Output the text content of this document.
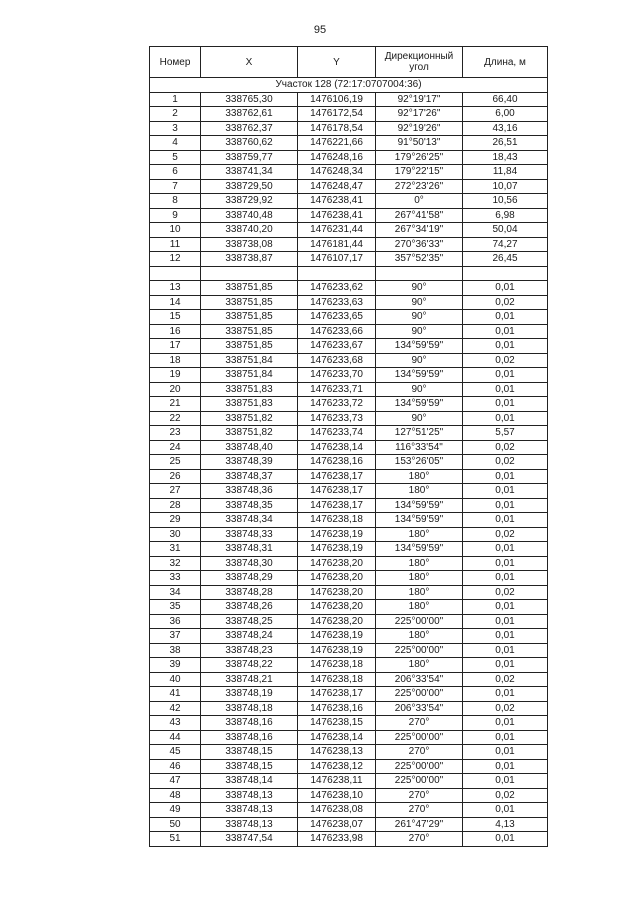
95
Номер	X	Y	Дирекционный угол	Длина, м
Участок 128 (72:17:0707004:36)				
1	338765,30	1476106,19	92°19'17"	66,40
2	338762,61	1476172,54	92°17'26"	6,00
3	338762,37	1476178,54	92°19'26"	43,16
4	338760,62	1476221,66	91°50'13"	26,51
5	338759,77	1476248,16	179°26'25"	18,43
6	338741,34	1476248,34	179°22'15"	11,84
7	338729,50	1476248,47	272°23'26"	10,07
8	338729,92	1476238,41	0°	10,56
9	338740,48	1476238,41	267°41'58"	6,98
10	338740,20	1476231,44	267°34'19"	50,04
11	338738,08	1476181,44	270°36'33"	74,27
12	338738,87	1476107,17	357°52'35"	26,45

13	338751,85	1476233,62	90°	0,01
14	338751,85	1476233,63	90°	0,02
15	338751,85	1476233,65	90°	0,01
16	338751,85	1476233,66	90°	0,01
17	338751,85	1476233,67	134°59'59"	0,01
18	338751,84	1476233,68	90°	0,02
19	338751,84	1476233,70	134°59'59"	0,01
20	338751,83	1476233,71	90°	0,01
21	338751,83	1476233,72	134°59'59"	0,01
22	338751,82	1476233,73	90°	0,01
23	338751,82	1476233,74	127°51'25"	5,57
24	338748,40	1476238,14	116°33'54"	0,02
25	338748,39	1476238,16	153°26'05"	0,02
26	338748,37	1476238,17	180°	0,01
27	338748,36	1476238,17	180°	0,01
28	338748,35	1476238,17	134°59'59"	0,01
29	338748,34	1476238,18	134°59'59"	0,01
30	338748,33	1476238,19	180°	0,02
31	338748,31	1476238,19	134°59'59"	0,01
32	338748,30	1476238,20	180°	0,01
33	338748,29	1476238,20	180°	0,01
34	338748,28	1476238,20	180°	0,02
35	338748,26	1476238,20	180°	0,01
36	338748,25	1476238,20	225°00'00"	0,01
37	338748,24	1476238,19	180°	0,01
38	338748,23	1476238,19	225°00'00"	0,01
39	338748,22	1476238,18	180°	0,01
40	338748,21	1476238,18	206°33'54"	0,02
41	338748,19	1476238,17	225°00'00"	0,01
42	338748,18	1476238,16	206°33'54"	0,02
43	338748,16	1476238,15	270°	0,01
44	338748,16	1476238,14	225°00'00"	0,01
45	338748,15	1476238,13	270°	0,01
46	338748,15	1476238,12	225°00'00"	0,01
47	338748,14	1476238,11	225°00'00"	0,01
48	338748,13	1476238,10	270°	0,02
49	338748,13	1476238,08	270°	0,01
50	338748,13	1476238,07	261°47'29"	4,13
51	338747,54	1476233,98	270°	0,01
